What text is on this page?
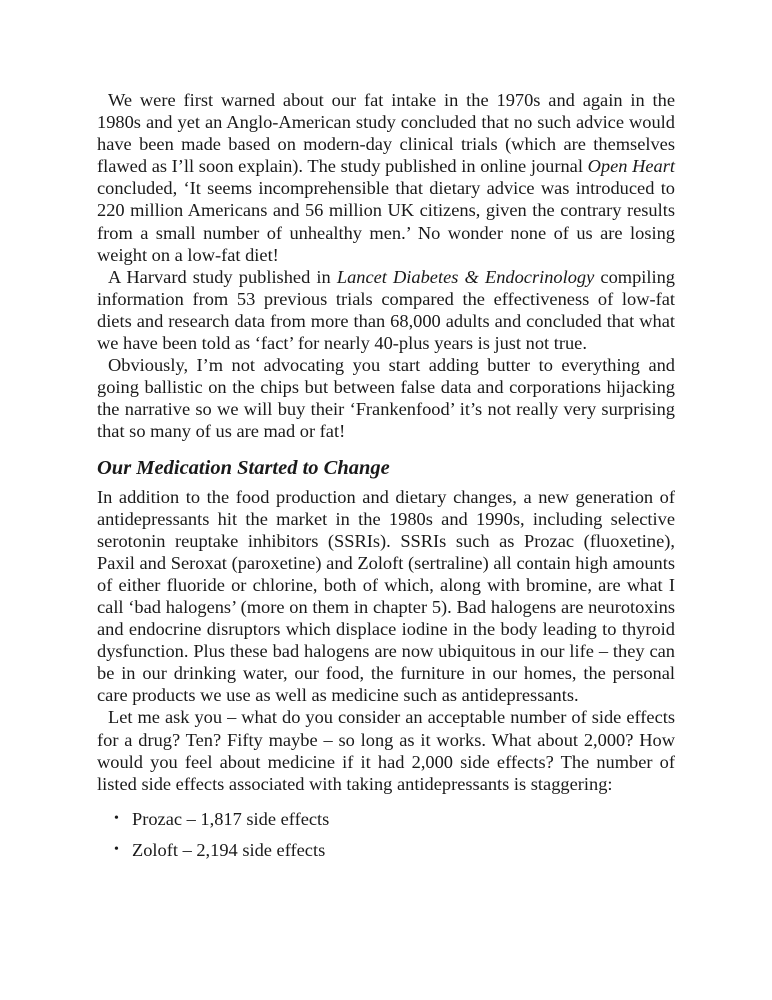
We were first warned about our fat intake in the 1970s and again in the 1980s and yet an Anglo-American study concluded that no such advice would have been made based on modern-day clinical trials (which are themselves flawed as I’ll soon explain). The study published in online journal Open Heart concluded, ‘It seems incomprehensible that dietary advice was introduced to 220 million Americans and 56 million UK citizens, given the contrary results from a small number of unhealthy men.’ No wonder none of us are losing weight on a low-fat diet!

A Harvard study published in Lancet Diabetes & Endocrinology compiling information from 53 previous trials compared the effectiveness of low-fat diets and research data from more than 68,000 adults and concluded that what we have been told as ‘fact’ for nearly 40-plus years is just not true.

Obviously, I’m not advocating you start adding butter to everything and going ballistic on the chips but between false data and corporations hijacking the narrative so we will buy their ‘Frankenfood’ it’s not really very surprising that so many of us are mad or fat!

Our Medication Started to Change

In addition to the food production and dietary changes, a new generation of antidepressants hit the market in the 1980s and 1990s, including selective serotonin reuptake inhibitors (SSRIs). SSRIs such as Prozac (fluoxetine), Paxil and Seroxat (paroxetine) and Zoloft (sertraline) all contain high amounts of either fluoride or chlorine, both of which, along with bromine, are what I call ‘bad halogens’ (more on them in chapter 5). Bad halogens are neurotoxins and endocrine disruptors which displace iodine in the body leading to thyroid dysfunction. Plus these bad halogens are now ubiquitous in our life – they can be in our drinking water, our food, the furniture in our homes, the personal care products we use as well as medicine such as antidepressants.

Let me ask you – what do you consider an acceptable number of side effects for a drug? Ten? Fifty maybe – so long as it works. What about 2,000? How would you feel about medicine if it had 2,000 side effects? The number of listed side effects associated with taking antidepressants is staggering:

• Prozac – 1,817 side effects
• Zoloft – 2,194 side effects
